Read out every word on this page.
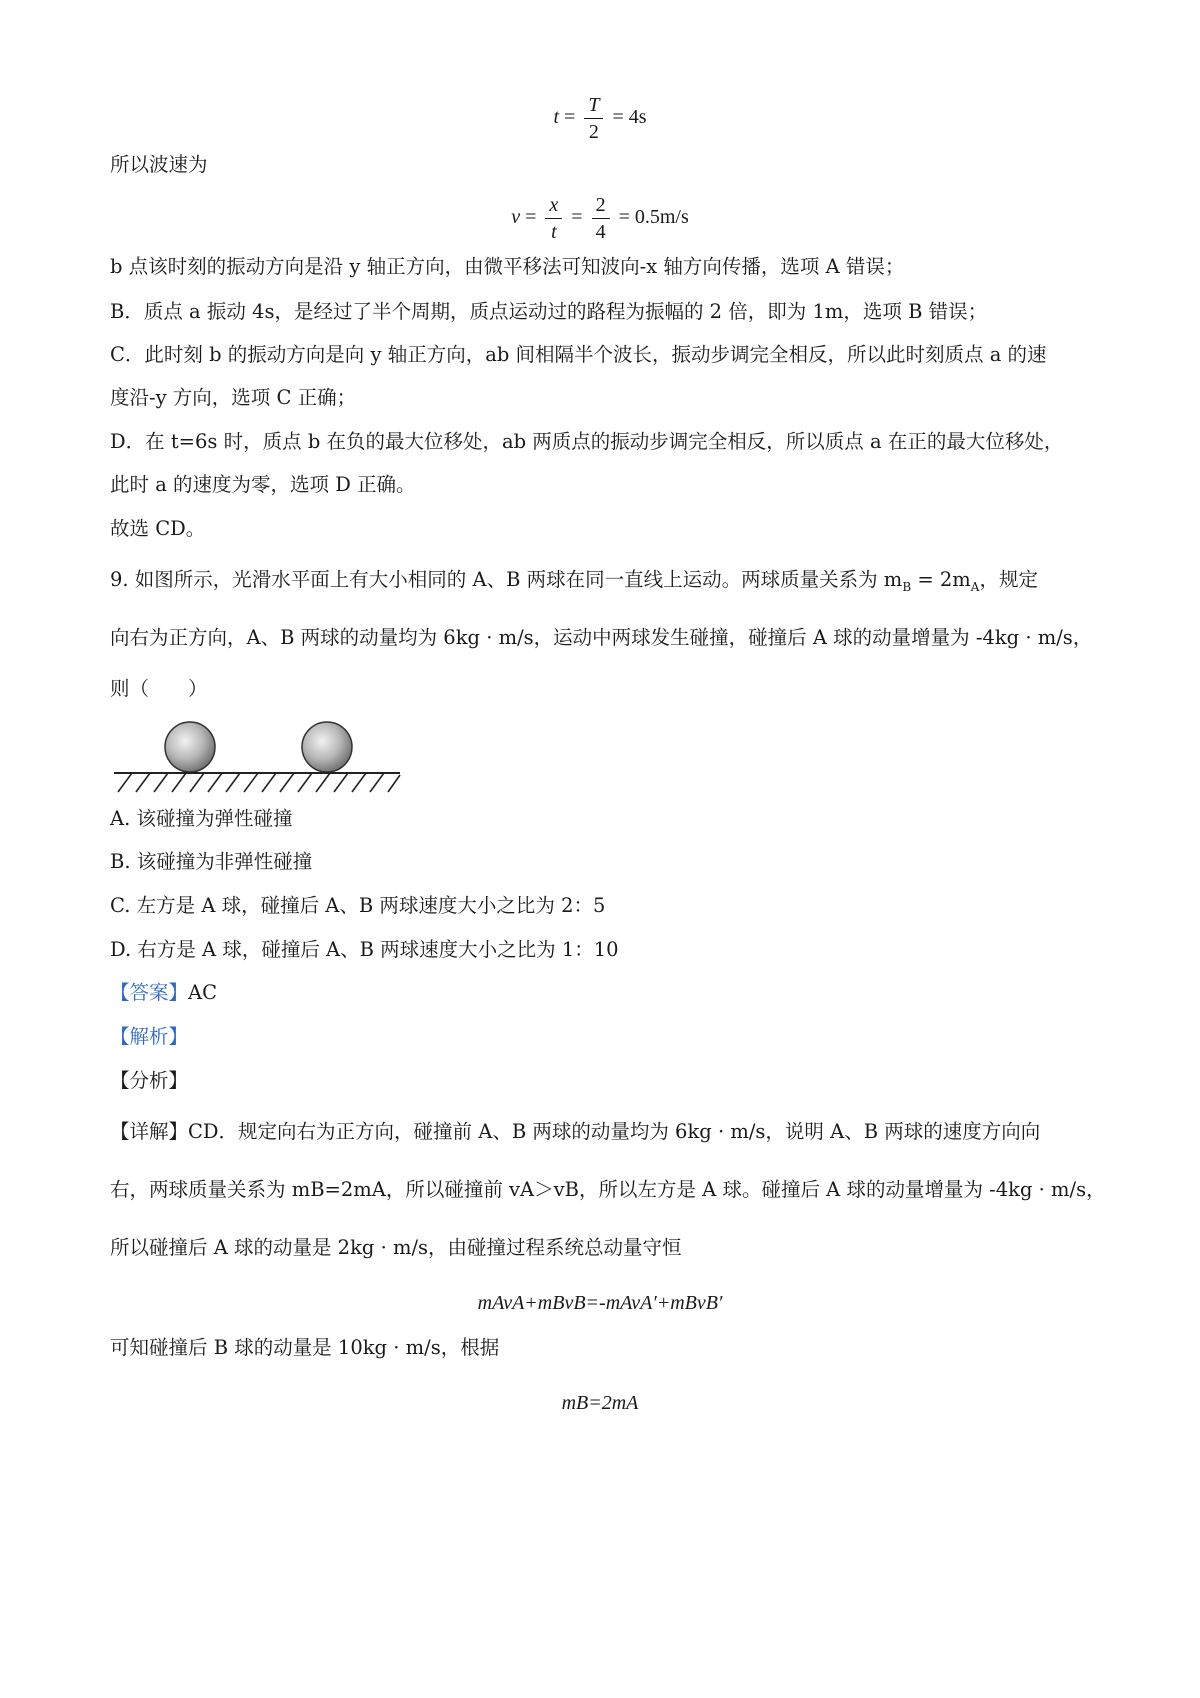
$t = \frac{T}{2} = 4s$
所以波速为
$v = \frac{x}{t} = \frac{2}{4} = 0.5m/s$
b 点该时刻的振动方向是沿 y 轴正方向，由微平移法可知波向-x 轴方向传播，选项 A 错误；
B．质点 a 振动 4s，是经过了半个周期，质点运动过的路程为振幅的 2 倍，即为 1m，选项 B 错误；
C．此时刻 b 的振动方向是向 y 轴正方向，ab 间相隔半个波长，振动步调完全相反，所以此时刻质点 a 的速
度沿-y 方向，选项 C 正确；
D．在 t=6s 时，质点 b 在负的最大位移处，ab 两质点的振动步调完全相反，所以质点 a 在正的最大位移处，
此时 a 的速度为零，选项 D 正确。
故选 CD。
9. 如图所示，光滑水平面上有大小相同的 A、B 两球在同一直线上运动。两球质量关系为 $m_B = 2m_A$，规定
向右为正方向，A、B 两球的动量均为 6kg · m/s，运动中两球发生碰撞，碰撞后 A 球的动量增量为 -4kg · m/s，
则（　　）
A. 该碰撞为弹性碰撞
B. 该碰撞为非弹性碰撞
C. 左方是 A 球，碰撞后 A、B 两球速度大小之比为 2：5
D. 右方是 A 球，碰撞后 A、B 两球速度大小之比为 1：10
【答案】AC
【解析】
【分析】
【详解】CD．规定向右为正方向，碰撞前 A、B 两球的动量均为 6kg · m/s，说明 A、B 两球的速度方向向
右，两球质量关系为 mB=2mA，所以碰撞前 vA＞vB，所以左方是 A 球。碰撞后 A 球的动量增量为 -4kg · m/s，
所以碰撞后 A 球的动量是 2kg · m/s，由碰撞过程系统总动量守恒
mAvA+mBvB=-mAvA′+mBvB′
可知碰撞后 B 球的动量是 10kg · m/s，根据
mB=2mA
